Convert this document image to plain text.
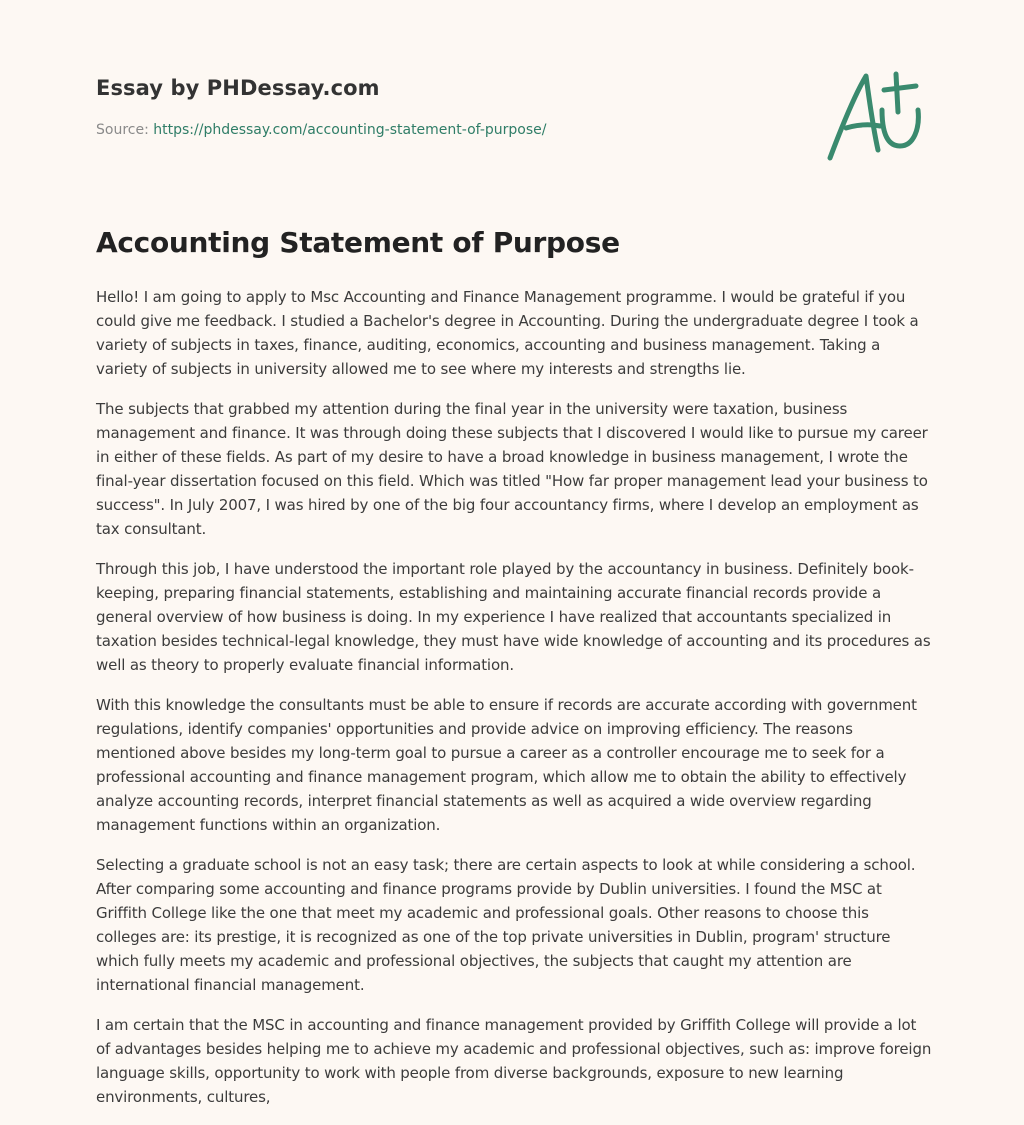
Essay by PHDessay.com

Source: https://phdessay.com/accounting-statement-of-purpose/
Accounting Statement of Purpose

Hello! I am going to apply to Msc Accounting and Finance Management programme. I would be grateful if you could give me feedback. I studied a Bachelor's degree in Accounting. During the undergraduate degree I took a variety of subjects in taxes, finance, auditing, economics, accounting and business management. Taking a variety of subjects in university allowed me to see where my interests and strengths lie.

The subjects that grabbed my attention during the final year in the university were taxation, business management and finance. It was through doing these subjects that I discovered I would like to pursue my career in either of these fields. As part of my desire to have a broad knowledge in business management, I wrote the final-year dissertation focused on this field. Which was titled "How far proper management lead your business to success". In July 2007, I was hired by one of the big four accountancy firms, where I develop an employment as tax consultant.

Through this job, I have understood the important role played by the accountancy in business. Definitely book-keeping, preparing financial statements, establishing and maintaining accurate financial records provide a general overview of how business is doing. In my experience I have realized that accountants specialized in taxation besides technical-legal knowledge, they must have wide knowledge of accounting and its procedures as well as theory to properly evaluate financial information.

With this knowledge the consultants must be able to ensure if records are accurate according with government regulations, identify companies' opportunities and provide advice on improving efficiency. The reasons mentioned above besides my long-term goal to pursue a career as a controller encourage me to seek for a professional accounting and finance management program, which allow me to obtain the ability to effectively analyze accounting records, interpret financial statements as well as acquired a wide overview regarding management functions within an organization.

Selecting a graduate school is not an easy task; there are certain aspects to look at while considering a school. After comparing some accounting and finance programs provide by Dublin universities. I found the MSC at Griffith College like the one that meet my academic and professional goals. Other reasons to choose this colleges are: its prestige, it is recognized as one of the top private universities in Dublin, program' structure which fully meets my academic and professional objectives, the subjects that caught my attention are international financial management.

I am certain that the MSC in accounting and finance management provided by Griffith College will provide a lot of advantages besides helping me to achieve my academic and professional objectives, such as: improve foreign language skills, opportunity to work with people from diverse backgrounds, exposure to new learning environments, cultures,
